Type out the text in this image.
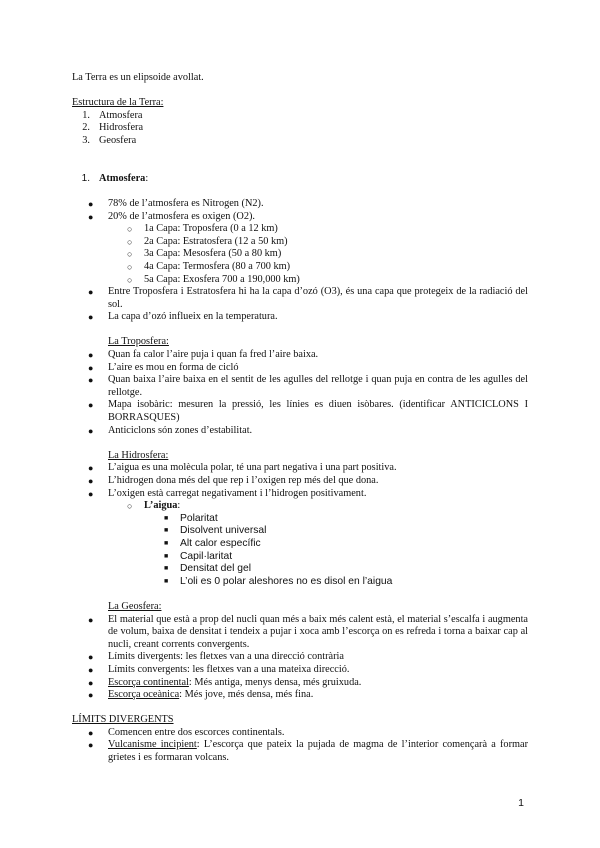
La Terra es un elipsoide avollat.

Estructura de la Terra:

1. Atmosfera
2. Hidrosfera
3. Geosfera
1. Atmosfera:
● 78% de l’atmosfera es Nitrogen (N2).
● 20% de l’atmosfera es oxigen (O2).
○ 1a Capa: Troposfera (0 a 12 km)
○ 2a Capa: Estratosfera (12 a 50 km)
○ 3a Capa: Mesosfera (50 a 80 km)
○ 4a Capa: Termosfera (80 a 700 km)
○ 5a Capa: Exosfera 700 a 190,000 km)
● Entre Troposfera i Estratosfera hi ha la capa d’ozó (O3), és una capa que protegeix de la radiació del sol.
● La capa d’ozó influeix en la temperatura.

La Troposfera:

● Quan fa calor l’aire puja i quan fa fred l’aire baixa.
● L’aire es mou en forma de cicló
● Quan baixa l’aire baixa en el sentit de les agulles del rellotge i quan puja en contra de les agulles del rellotge.
● Mapa isobàric: mesuren la pressió, les línies es diuen isòbares. (identificar ANTICICLONS I BORRASQUES)
● Anticiclons són zones d’estabilitat.

La Hidrosfera:

● L’aigua es una molècula polar, té una part negativa i una part positiva.
● L’hidrogen dona més del que rep i l’oxigen rep més del que dona.
● L’oxigen està carregat negativament i l’hidrogen positivament.
○ L’aigua:
■ Polaritat
■ Disolvent universal
■ Alt calor específic
■ Capil·laritat
■ Densitat del gel
■ L’oli es 0 polar aleshores no es disol en l’aigua

La Geosfera:

● El material que està a prop del nucli quan més a baix més calent està, el material s’escalfa i augmenta de volum, baixa de densitat i tendeix a pujar i xoca amb l’escorça on es refreda i torna a baixar cap al nucli, creant corrents convergents.
● Límits divergents: les fletxes van a una direcció contrària
● Límits convergents: les fletxes van a una mateixa direcció.
● Escorça continental: Més antiga, menys densa, més gruixuda.
● Escorça oceànica: Més jove, més densa, més fina.

LÍMITS DIVERGENTS

● Comencen entre dos escorces continentals.
● Vulcanisme incipient: L’escorça que pateix la pujada de magma de l’interior començarà a formar grietes i es formaran volcans.
1
